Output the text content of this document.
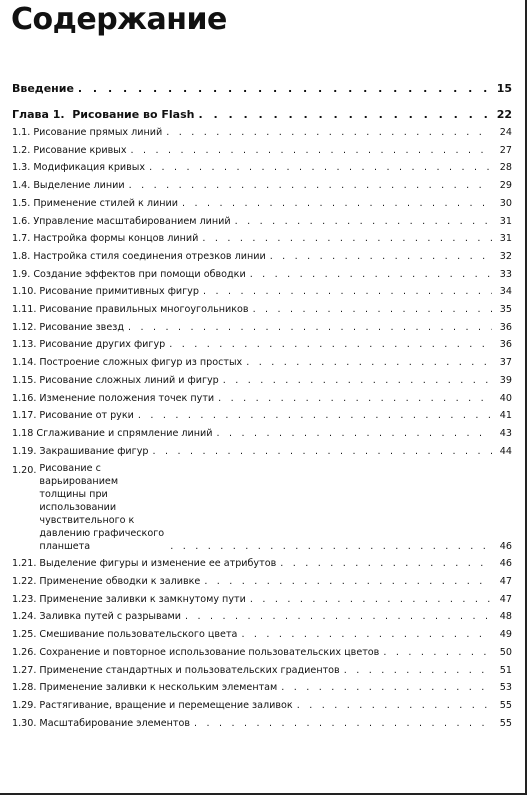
Содержание
Введение . . .	15
Глава 1. Рисование во Flash . . .	22
1.1. Рисование прямых линий . . .	24
1.2. Рисование кривых . . .	27
1.3. Модификация кривых . . .	28
1.4. Выделение линии . . .	29
1.5. Применение стилей к линии . . .	30
1.6. Управление масштабированием линий . . .	31
1.7. Настройка формы концов линий . . .	31
1.8. Настройка стиля соединения отрезков линии . . .	32
1.9. Создание эффектов при помощи обводки . . .	33
1.10. Рисование примитивных фигур . . .	34
1.11. Рисование правильных многоугольников . . .	35
1.12. Рисование звезд . . .	36
1.13. Рисование других фигур . . .	36
1.14. Построение сложных фигур из простых . . .	37
1.15. Рисование сложных линий и фигур . . .	39
1.16. Изменение положения точек пути . . .	40
1.17. Рисование от руки . . .	41
1.18 Сглаживание и спрямление линий . . .	43
1.19. Закрашивание фигур . . .	44
1.20. Рисование с варьированием толщины при использовании чувствительного к давлению графического планшета . . .	46
1.21. Выделение фигуры и изменение ее атрибутов . . .	46
1.22. Применение обводки к заливке . . .	47
1.23. Применение заливки к замкнутому пути . . .	47
1.24. Заливка путей с разрывами . . .	48
1.25. Смешивание пользовательского цвета . . .	49
1.26. Сохранение и повторное использование пользовательских цветов . . .	50
1.27. Применение стандартных и пользовательских градиентов . . .	51
1.28. Применение заливки к нескольким элементам . . .	53
1.29. Растягивание, вращение и перемещение заливок . . .	55
1.30. Масштабирование элементов . . .	55
